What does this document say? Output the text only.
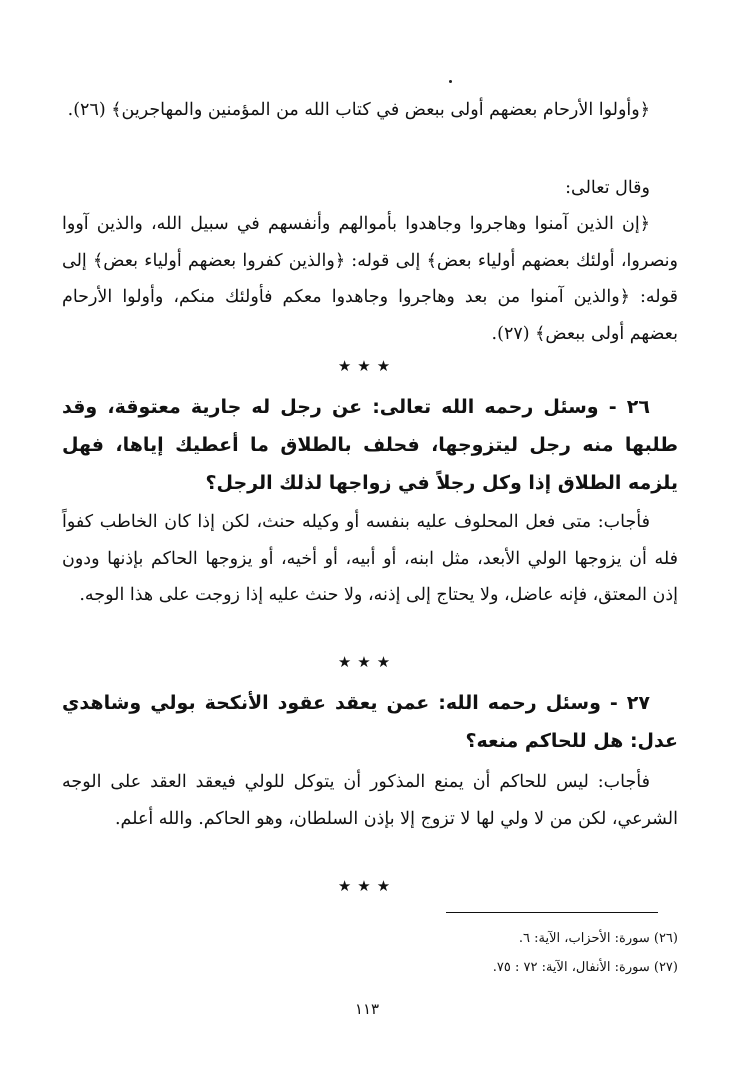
﴿وأولوا الأرحام بعضهم أولى ببعض في كتاب الله من المؤمنين والمهاجرين﴾ (٢٦).

وقال تعالى:

﴿إن الذين آمنوا وهاجروا وجاهدوا بأموالهم وأنفسهم في سبيل الله، والذين آووا ونصروا، أولئك بعضهم أولياء بعض﴾ إلى قوله: ﴿والذين كفروا بعضهم أولياء بعض﴾ إلى قوله: ﴿والذين آمنوا من بعد وهاجروا وجاهدوا معكم فأولئك منكم، وأولوا الأرحام بعضهم أولى ببعض﴾ (٢٧).

★★★

٢٦ - وسئل رحمه الله تعالى: عن رجل له جارية معتوقة، وقد طلبها منه رجل ليتزوجها، فحلف بالطلاق ما أعطيك إياها، فهل يلزمه الطلاق إذا وكل رجلاً في زواجها لذلك الرجل؟

فأجاب: متى فعل المحلوف عليه بنفسه أو وكيله حنث، لكن إذا كان الخاطب كفواً فله أن يزوجها الولي الأبعد، مثل ابنه، أو أبيه، أو أخيه، أو يزوجها الحاكم بإذنها ودون إذن المعتق، فإنه عاضل، ولا يحتاج إلى إذنه، ولا حنث عليه إذا زوجت على هذا الوجه.

★★★

٢٧ - وسئل رحمه الله: عمن يعقد عقود الأنكحة بولي وشاهدي عدل: هل للحاكم منعه؟

فأجاب: ليس للحاكم أن يمنع المذكور أن يتوكل للولي فيعقد العقد على الوجه الشرعي، لكن من لا ولي لها لا تزوج إلا بإذن السلطان، وهو الحاكم. والله أعلم.

★★★
(٢٦) سورة: الأحزاب، الآية: ٦.
(٢٧) سورة: الأنفال، الآية: ٧٢ : ٧٥.
١١٣
